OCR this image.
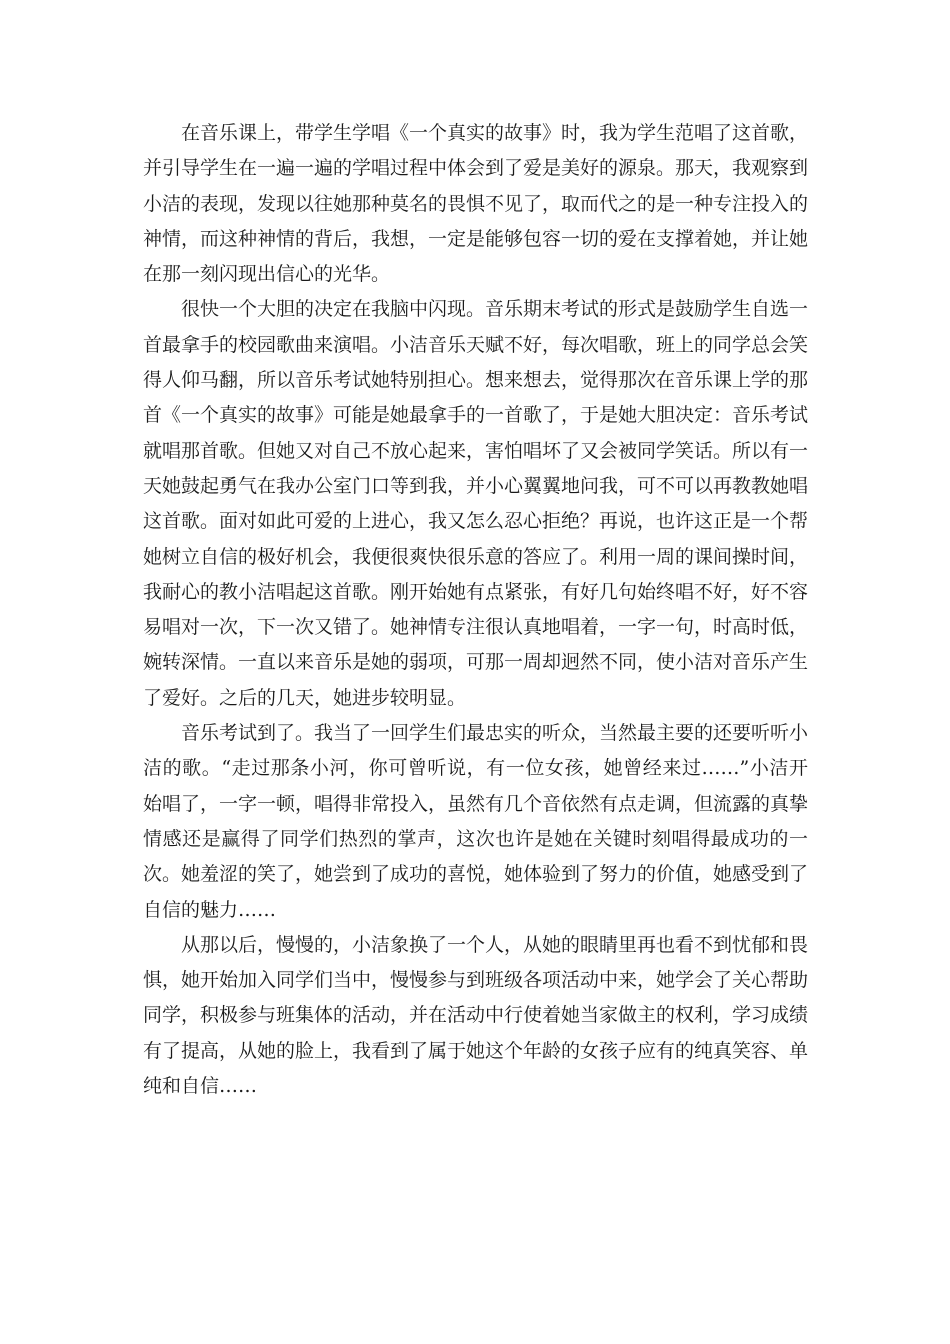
在音乐课上，带学生学唱《一个真实的故事》时，我为学生范唱了这首歌，并引导学生在一遍一遍的学唱过程中体会到了爱是美好的源泉。那天，我观察到小洁的表现，发现以往她那种莫名的畏惧不见了，取而代之的是一种专注投入的神情，而这种神情的背后，我想，一定是能够包容一切的爱在支撑着她，并让她在那一刻闪现出信心的光华。

很快一个大胆的决定在我脑中闪现。音乐期末考试的形式是鼓励学生自选一首最拿手的校园歌曲来演唱。小洁音乐天赋不好，每次唱歌，班上的同学总会笑得人仰马翻，所以音乐考试她特别担心。想来想去，觉得那次在音乐课上学的那首《一个真实的故事》可能是她最拿手的一首歌了，于是她大胆决定：音乐考试就唱那首歌。但她又对自己不放心起来，害怕唱坏了又会被同学笑话。所以有一天她鼓起勇气在我办公室门口等到我，并小心翼翼地问我，可不可以再教教她唱这首歌。面对如此可爱的上进心，我又怎么忍心拒绝？再说，也许这正是一个帮她树立自信的极好机会，我便很爽快很乐意的答应了。利用一周的课间操时间，我耐心的教小洁唱起这首歌。刚开始她有点紧张，有好几句始终唱不好，好不容易唱对一次，下一次又错了。她神情专注很认真地唱着，一字一句，时高时低，婉转深情。一直以来音乐是她的弱项，可那一周却迥然不同，使小洁对音乐产生了爱好。之后的几天，她进步较明显。

音乐考试到了。我当了一回学生们最忠实的听众，当然最主要的还要听听小洁的歌。“走过那条小河，你可曾听说，有一位女孩，她曾经来过……”小洁开始唱了，一字一顿，唱得非常投入，虽然有几个音依然有点走调，但流露的真挚情感还是赢得了同学们热烈的掌声，这次也许是她在关键时刻唱得最成功的一次。她羞涩的笑了，她尝到了成功的喜悦，她体验到了努力的价值，她感受到了自信的魅力……

从那以后，慢慢的，小洁象换了一个人，从她的眼睛里再也看不到忧郁和畏惧，她开始加入同学们当中，慢慢参与到班级各项活动中来，她学会了关心帮助同学，积极参与班集体的活动，并在活动中行使着她当家做主的权利，学习成绩有了提高，从她的脸上，我看到了属于她这个年龄的女孩子应有的纯真笑容、单纯和自信……
